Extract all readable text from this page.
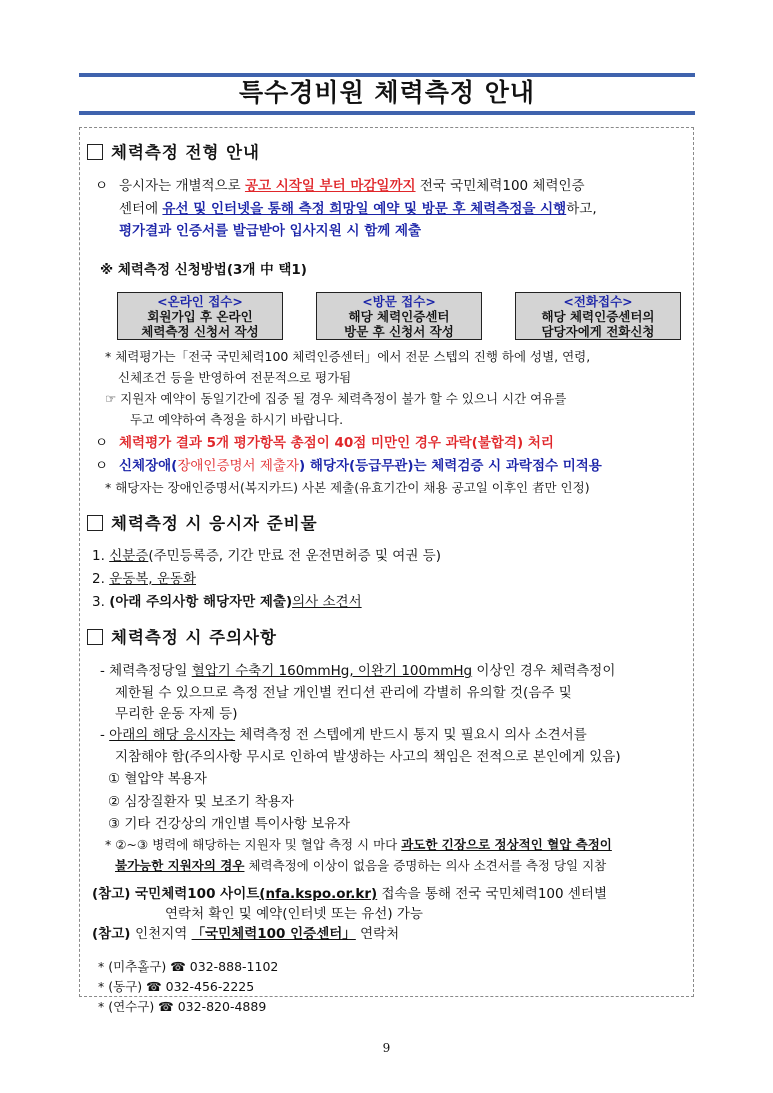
특수경비원 체력측정 안내
체력측정 전형 안내
ㅇ 응시자는 개별적으로 공고 시작일 부터 마감일까지 전국 국민체력100 체력인증
센터에 유선 및 인터넷을 통해 측정 희망일 예약 및 방문 후 체력측정을 시행하고,
평가결과 인증서를 발급받아 입사지원 시 함께 제출
※ 체력측정 신청방법(3개 中 택1)
<온라인 접수>
회원가입 후 온라인
체력측정 신청서 작성
<방문 접수>
해당 체력인증센터
방문 후 신청서 작성
<전화접수>
해당 체력인증센터의
담당자에게 전화신청
* 체력평가는「전국 국민체력100 체력인증센터」에서 전문 스텝의 진행 하에 성별, 연령,
신체조건 등을 반영하여 전문적으로 평가됨
☞ 지원자 예약이 동일기간에 집중 될 경우 체력측정이 불가 할 수 있으니 시간 여유를
두고 예약하여 측정을 하시기 바랍니다.
ㅇ 체력평가 결과 5개 평가항목 총점이 40점 미만인 경우 과락(불합격) 처리
ㅇ 신체장애(장애인증명서 제출자) 해당자(등급무관)는 체력검증 시 과락점수 미적용
* 해당자는 장애인증명서(복지카드) 사본 제출(유효기간이 채용 공고일 이후인 者만 인정)
체력측정 시 응시자 준비물
1. 신분증(주민등록증, 기간 만료 전 운전면허증 및 여권 등)
2. 운동복, 운동화
3. (아래 주의사항 해당자만 제출)의사 소견서
체력측정 시 주의사항
- 체력측정당일 혈압기 수축기 160mmHg, 이완기 100mmHg 이상인 경우 체력측정이
제한될 수 있으므로 측정 전날 개인별 컨디션 관리에 각별히 유의할 것(음주 및
무리한 운동 자제 등)
- 아래의 해당 응시자는 체력측정 전 스텝에게 반드시 통지 및 필요시 의사 소견서를
지참해야 함(주의사항 무시로 인하여 발생하는 사고의 책임은 전적으로 본인에게 있음)
① 혈압약 복용자
② 심장질환자 및 보조기 착용자
③ 기타 건강상의 개인별 특이사항 보유자
* ②~③ 병력에 해당하는 지원자 및 혈압 측정 시 마다 과도한 긴장으로 정상적인 혈압 측정이
불가능한 지원자의 경우 체력측정에 이상이 없음을 증명하는 의사 소견서를 측정 당일 지참
(참고) 국민체력100 사이트(nfa.kspo.or.kr) 접속을 통해 전국 국민체력100 센터별
연락처 확인 및 예약(인터넷 또는 유선) 가능
(참고) 인천지역 「국민체력100 인증센터」 연락처
* (미추홀구) ☎ 032-888-1102
* (동구) ☎ 032-456-2225
* (연수구) ☎ 032-820-4889
9
